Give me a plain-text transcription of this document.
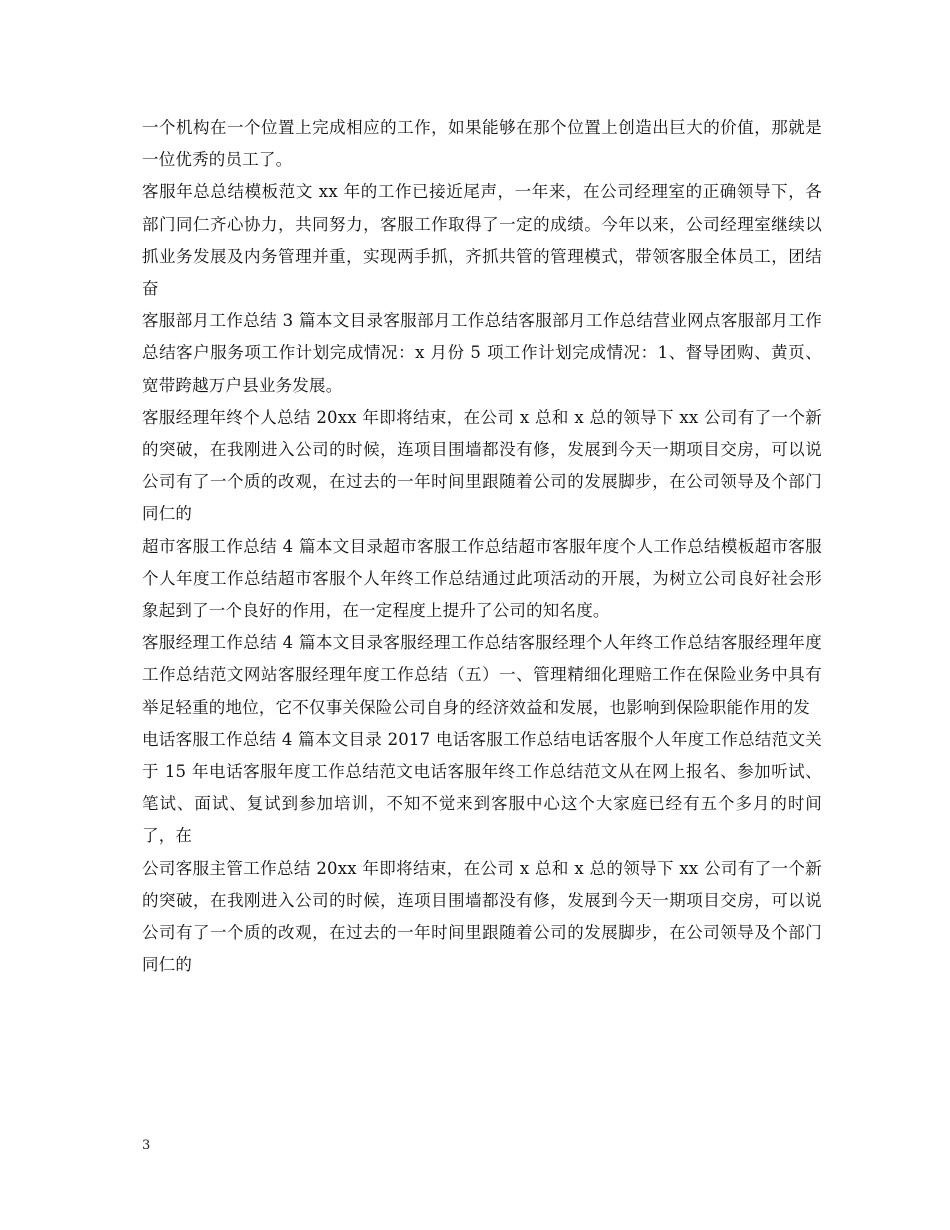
一个机构在一个位置上完成相应的工作，如果能够在那个位置上创造出巨大的价值，那就是一位优秀的员工了。

客服年总总结模板范文 xx 年的工作已接近尾声，一年来，在公司经理室的正确领导下，各部门同仁齐心协力，共同努力，客服工作取得了一定的成绩。今年以来，公司经理室继续以抓业务发展及内务管理并重，实现两手抓，齐抓共管的管理模式，带领客服全体员工，团结奋

客服部月工作总结 3 篇本文目录客服部月工作总结客服部月工作总结营业网点客服部月工作总结客户服务项工作计划完成情况：x 月份 5 项工作计划完成情况：1、督导团购、黄页、宽带跨越万户县业务发展。

客服经理年终个人总结 20xx 年即将结束，在公司 x 总和 x 总的领导下 xx 公司有了一个新的突破，在我刚进入公司的时候，连项目围墙都没有修，发展到今天一期项目交房，可以说公司有了一个质的改观，在过去的一年时间里跟随着公司的发展脚步，在公司领导及个部门同仁的

超市客服工作总结 4 篇本文目录超市客服工作总结超市客服年度个人工作总结模板超市客服个人年度工作总结超市客服个人年终工作总结通过此项活动的开展，为树立公司良好社会形象起到了一个良好的作用，在一定程度上提升了公司的知名度。

客服经理工作总结 4 篇本文目录客服经理工作总结客服经理个人年终工作总结客服经理年度工作总结范文网站客服经理年度工作总结（五）一、管理精细化理赔工作在保险业务中具有举足轻重的地位，它不仅事关保险公司自身的经济效益和发展，也影响到保险职能作用的发

电话客服工作总结 4 篇本文目录 2017 电话客服工作总结电话客服个人年度工作总结范文关于 15 年电话客服年度工作总结范文电话客服年终工作总结范文从在网上报名、参加听试、笔试、面试、复试到参加培训，不知不觉来到客服中心这个大家庭已经有五个多月的时间了，在

公司客服主管工作总结 20xx 年即将结束，在公司 x 总和 x 总的领导下 xx 公司有了一个新的突破，在我刚进入公司的时候，连项目围墙都没有修，发展到今天一期项目交房，可以说公司有了一个质的改观，在过去的一年时间里跟随着公司的发展脚步，在公司领导及个部门同仁的

3
